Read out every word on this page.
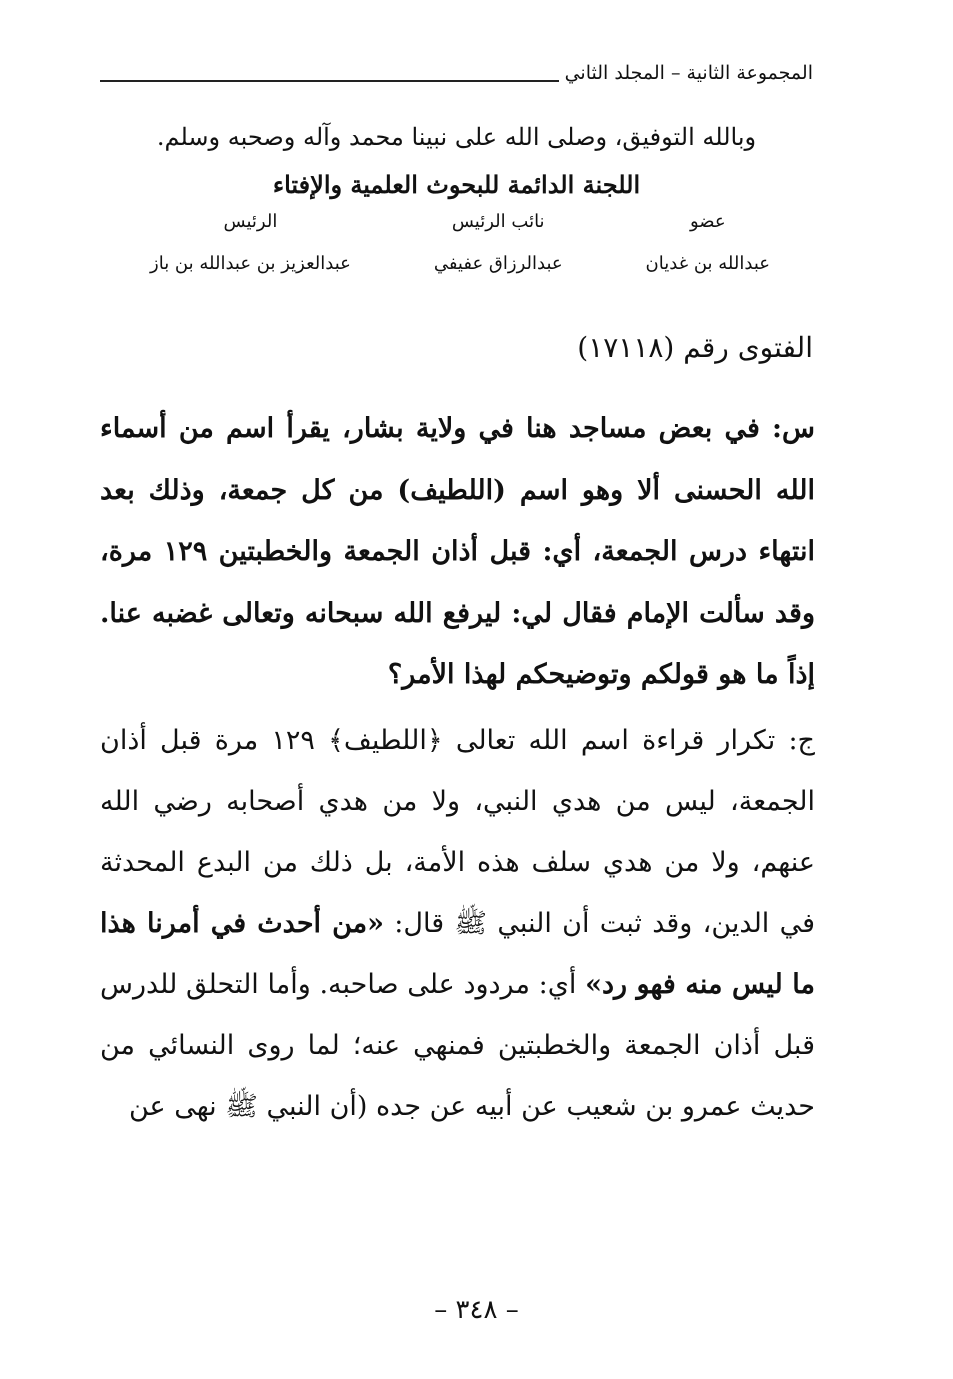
المجموعة الثانية – المجلد الثاني
وبالله التوفيق، وصلى الله على نبينا محمد وآله وصحبه وسلم.
اللجنة الدائمة للبحوث العلمية والإفتاء
عضو
عبدالله بن غديان
نائب الرئيس
عبدالرزاق عفيفي
الرئيس
عبدالعزيز بن عبدالله بن باز
الفتوى رقم (١٧١١٨)
س: في بعض مساجد هنا في ولاية بشار، يقرأ اسم من أسماء الله الحسنى ألا وهو اسم (اللطيف) من كل جمعة، وذلك بعد انتهاء درس الجمعة، أي: قبل أذان الجمعة والخطبتين ١٢٩ مرة، وقد سألت الإمام فقال لي: ليرفع الله سبحانه وتعالى غضبه عنا. إذاً ما هو قولكم وتوضيحكم لهذا الأمر؟
ج: تكرار قراءة اسم الله تعالى ﴿اللطيف﴾ ١٢٩ مرة قبل أذان الجمعة، ليس من هدي النبي، ولا من هدي أصحابه رضي الله عنهم، ولا من هدي سلف هذه الأمة، بل ذلك من البدع المحدثة في الدين، وقد ثبت أن النبي ﷺ قال: «من أحدث في أمرنا هذا ما ليس منه فهو رد» أي: مردود على صاحبه. وأما التحلق للدرس قبل أذان الجمعة والخطبتين فمنهي عنه؛ لما روى النسائي من حديث عمرو بن شعيب عن أبيه عن جده (أن النبي ﷺ نهى عن
– ٣٤٨ –
